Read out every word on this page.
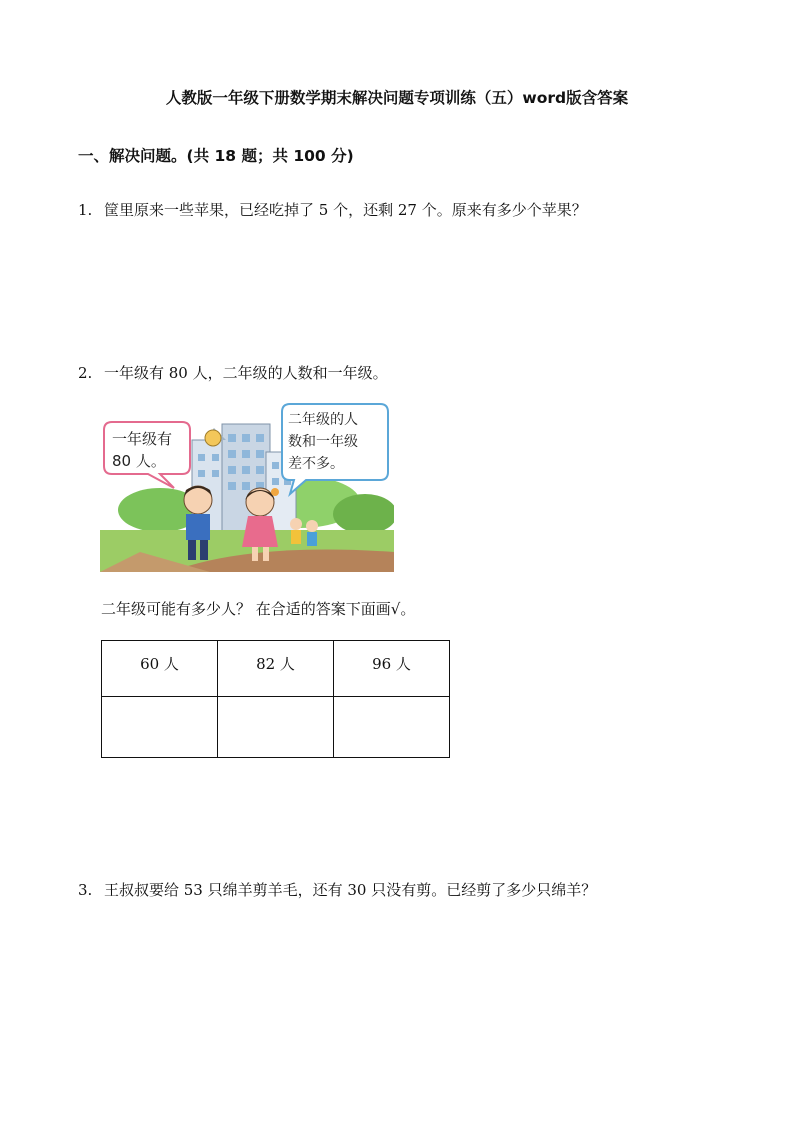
人教版一年级下册数学期末解决问题专项训练（五）word版含答案
一、解决问题。(共 18 题；共 100 分)
1. 筐里原来一些苹果，已经吃掉了 5 个，还剩 27 个。原来有多少个苹果？
2. 一年级有 80 人，二年级的人数和一年级。
一年级有
80 人。
二年级的人
数和一年级
差不多。
二年级可能有多少人？ 在合适的答案下面画√。
60 人	82 人	96 人

3. 王叔叔要给 53 只绵羊剪羊毛，还有 30 只没有剪。已经剪了多少只绵羊？
